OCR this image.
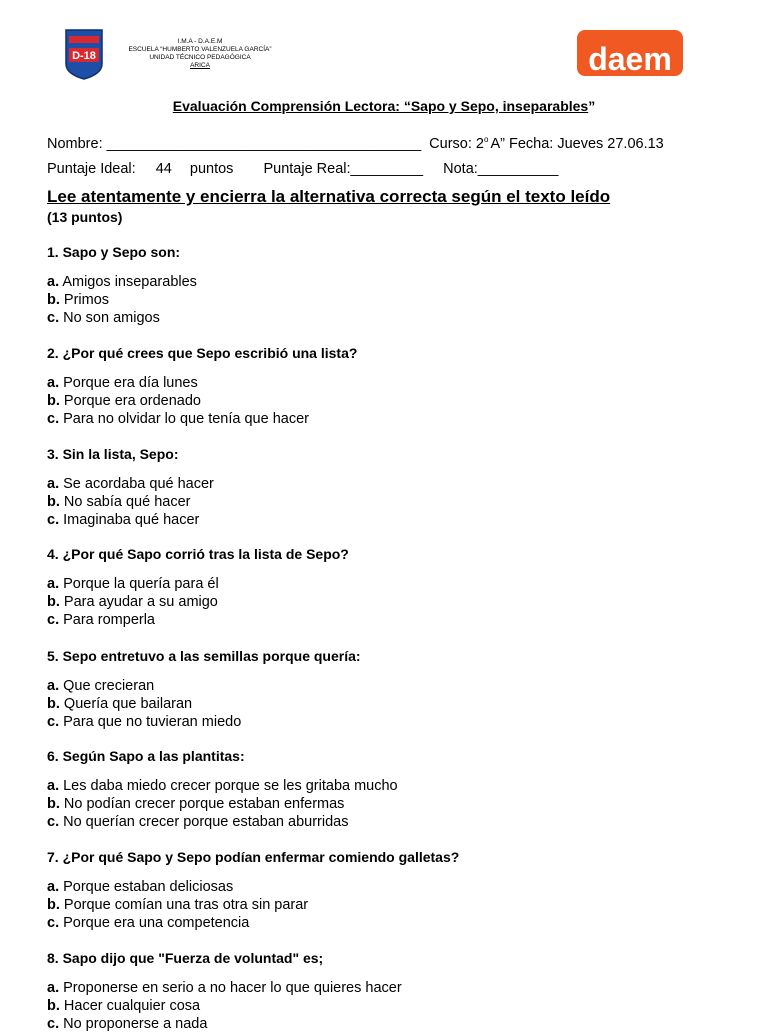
D-18
I.M.A - D.A.E.M
ESCUELA “HUMBERTO VALENZUELA GARCÍA”
UNIDAD TÉCNICO PEDAGÓGICA
ARICA	daem
Evaluación Comprensión Lectora: “Sapo y Sepo, inseparables”
Nombre: _______________________________________ Curso: 2$^o$ A” Fecha: Jueves 27.06.13
Puntaje Ideal: 44 puntos Puntaje Real:_________ Nota:__________
Lee atentamente y encierra la alternativa correcta según el texto leído
(13 puntos)
1. Sapo y Sepo son:
a. Amigos inseparables
b. Primos
c. No son amigos
2. ¿Por qué crees que Sepo escribió una lista?
a. Porque era día lunes
b. Porque era ordenado
c. Para no olvidar lo que tenía que hacer
3. Sin la lista, Sepo:
a. Se acordaba qué hacer
b. No sabía qué hacer
c. Imaginaba qué hacer
4. ¿Por qué Sapo corrió tras la lista de Sepo?
a. Porque la quería para él
b. Para ayudar a su amigo
c. Para romperla
5. Sepo entretuvo a las semillas porque quería:
a. Que crecieran
b. Quería que bailaran
c. Para que no tuvieran miedo
6. Según Sapo a las plantitas:
a. Les daba miedo crecer porque se les gritaba mucho
b. No podían crecer porque estaban enfermas
c. No querían crecer porque estaban aburridas
7. ¿Por qué Sapo y Sepo podían enfermar comiendo galletas?
a. Porque estaban deliciosas
b. Porque comían una tras otra sin parar
c. Porque era una competencia
8. Sapo dijo que "Fuerza de voluntad" es;
a. Proponerse en serio a no hacer lo que quieres hacer
b. Hacer cualquier cosa
c. No proponerse a nada
